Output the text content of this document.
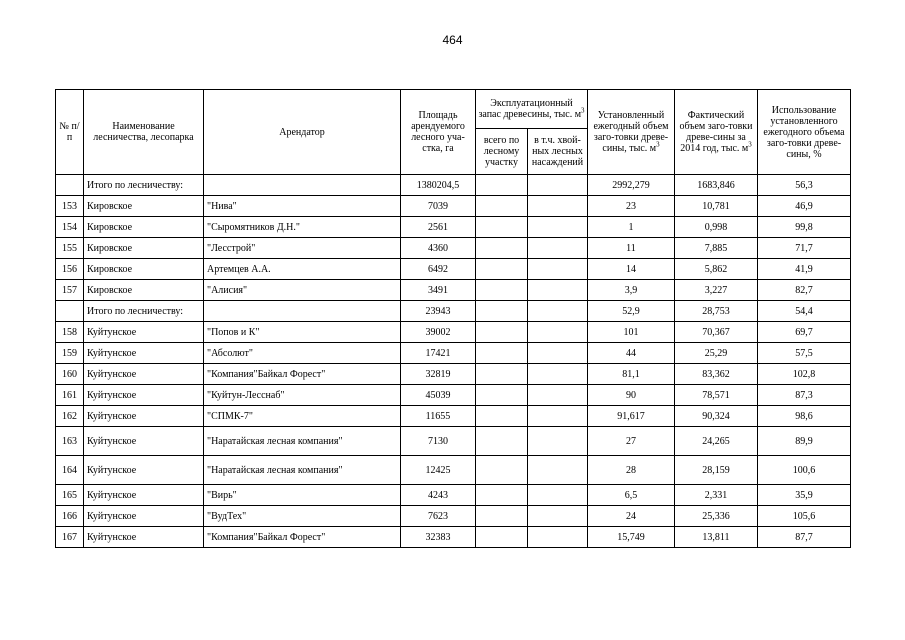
464
№ п/п	Наименование лесничества, лесопарка	Арендатор	Площадь арендуемого лесного уча-стка, га	Эксплуатационный запас древесины, тыс. $м^3$		Установленный ежегодный объем заго-товки древе-сины, тыс. $м^3$	Фактический объем заго-товки древе-сины за 2014 год, тыс. $м^3$	Использование установленного ежегодного объема заго-товки древе-сины, %
				всего по лесному участку	в т.ч. хвой-ных лесных насаждений			
	Итого по лесничеству:		1380204,5			2992,279	1683,846	56,3
153	Кировское	"Нива"	7039			23	10,781	46,9
154	Кировское	"Сыромятников Д.Н."	2561			1	0,998	99,8
155	Кировское	"Лесстрой"	4360			11	7,885	71,7
156	Кировское	Артемцев А.А.	6492			14	5,862	41,9
157	Кировское	"Алисия"	3491			3,9	3,227	82,7
	Итого по лесничеству:		23943			52,9	28,753	54,4
158	Куйтунское	"Попов и К"	39002			101	70,367	69,7
159	Куйтунское	"Абсолют"	17421			44	25,29	57,5
160	Куйтунское	"Компания"Байкал Форест"	32819			81,1	83,362	102,8
161	Куйтунское	"Куйтун-Лесснаб"	45039			90	78,571	87,3
162	Куйтунское	"СПМК-7"	11655			91,617	90,324	98,6
163	Куйтунское	"Наратайская лесная компания"	7130			27	24,265	89,9
164	Куйтунское	"Наратайская лесная компания"	12425			28	28,159	100,6
165	Куйтунское	"Вирь"	4243			6,5	2,331	35,9
166	Куйтунское	"ВудТех"	7623			24	25,336	105,6
167	Куйтунское	"Компания"Байкал Форест"	32383			15,749	13,811	87,7
